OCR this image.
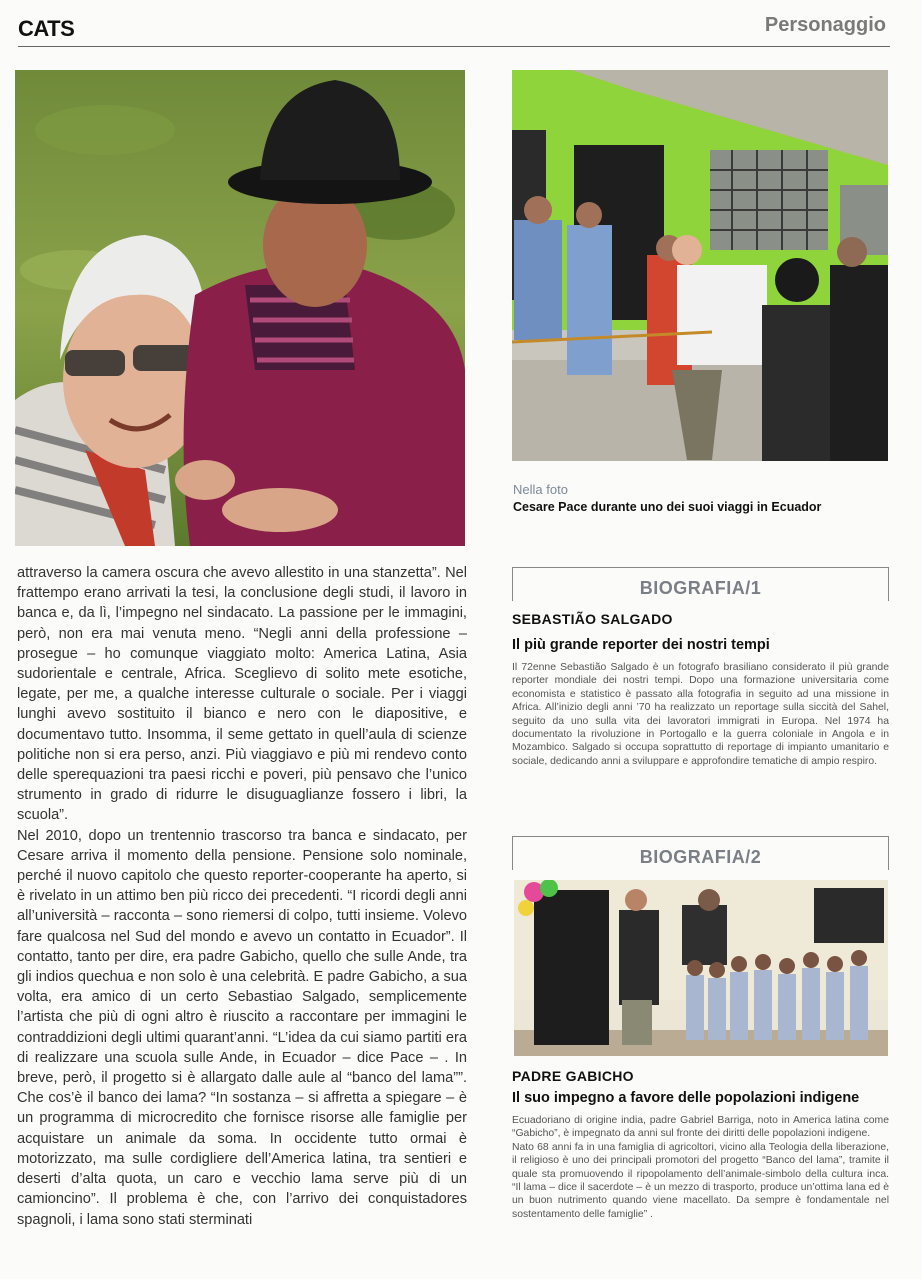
CATS	Personaggio
Nella foto
Cesare Pace durante uno dei suoi viaggi in Ecuador

attraverso la camera oscura che avevo allestito in una stanzetta”. Nel frattempo erano arrivati la tesi, la conclusione degli studi, il lavoro in banca e, da lì, l’impegno nel sindacato. La passione per le immagini, però, non era mai venuta meno. “Negli anni della professione – prosegue – ho comunque viaggiato molto: America Latina, Asia sudorientale e centrale, Africa. Sceglievo di solito mete esotiche, legate, per me, a qualche interesse culturale o sociale. Per i viaggi lunghi avevo sostituito il bianco e nero con le diapositive, e documentavo tutto. Insomma, il seme gettato in quell’aula di scienze politiche non si era perso, anzi. Più viaggiavo e più mi rendevo conto delle sperequazioni tra paesi ricchi e poveri, più pensavo che l’unico strumento in grado di ridurre le disuguaglianze fossero i libri, la scuola”.

Nel 2010, dopo un trentennio trascorso tra banca e sindacato, per Cesare arriva il momento della pensione. Pensione solo nominale, perché il nuovo capitolo che questo reporter-cooperante ha aperto, si è rivelato in un attimo ben più ricco dei precedenti. “I ricordi degli anni all’università – racconta – sono riemersi di colpo, tutti insieme. Volevo fare qualcosa nel Sud del mondo e avevo un contatto in Ecuador”. Il contatto, tanto per dire, era padre Gabicho, quello che sulle Ande, tra gli indios quechua e non solo è una celebrità. E padre Gabicho, a sua volta, era amico di un certo Sebastiao Salgado, semplicemente l’artista che più di ogni altro è riuscito a raccontare per immagini le contraddizioni degli ultimi quarant’anni. “L’idea da cui siamo partiti era di realizzare una scuola sulle Ande, in Ecuador – dice Pace – . In breve, però, il progetto si è allargato dalle aule al “banco del lama””. Che cos’è il banco dei lama? “In sostanza – si affretta a spiegare – è un programma di microcredito che fornisce risorse alle famiglie per acquistare un animale da soma. In occidente tutto ormai è motorizzato, ma sulle cordigliere dell’America latina, tra sentieri e deserti d’alta quota, un caro e vecchio lama serve più di un camioncino”. Il problema è che, con l’arrivo dei conquistadores spagnoli, i lama sono stati sterminati

BIOGRAFIA/1
SEBASTIÃO SALGADO
Il più grande reporter dei nostri tempi
Il 72enne Sebastião Salgado è un fotografo brasiliano considerato il più grande reporter mondiale dei nostri tempi. Dopo una formazione universitaria come economista e statistico è passato alla fotografia in seguito ad una missione in Africa. All’inizio degli anni ’70 ha realizzato un reportage sulla siccità del Sahel, seguito da uno sulla vita dei lavoratori immigrati in Europa. Nel 1974 ha documentato la rivoluzione in Portogallo e la guerra coloniale in Angola e in Mozambico. Salgado si occupa soprattutto di reportage di impianto umanitario e sociale, dedicando anni a sviluppare e approfondire tematiche di ampio respiro.
BIOGRAFIA/2
PADRE GABICHO
Il suo impegno a favore delle popolazioni indigene

Ecuadoriano di origine india, padre Gabriel Barriga, noto in America latina come “Gabicho”, è impegnato da anni sul fronte dei diritti delle popolazioni indigene.

Nato 68 anni fa in una famiglia di agricoltori, vicino alla Teologia della liberazione, il religioso è uno dei principali promotori del progetto “Banco del lama”, tramite il quale sta promuovendo il ripopolamento dell’animale-simbolo della cultura inca. “Il lama – dice il sacerdote – è un mezzo di trasporto, produce un’ottima lana ed è un buon nutrimento quando viene macellato. Da sempre è fondamentale nel sostentamento delle famiglie” .
